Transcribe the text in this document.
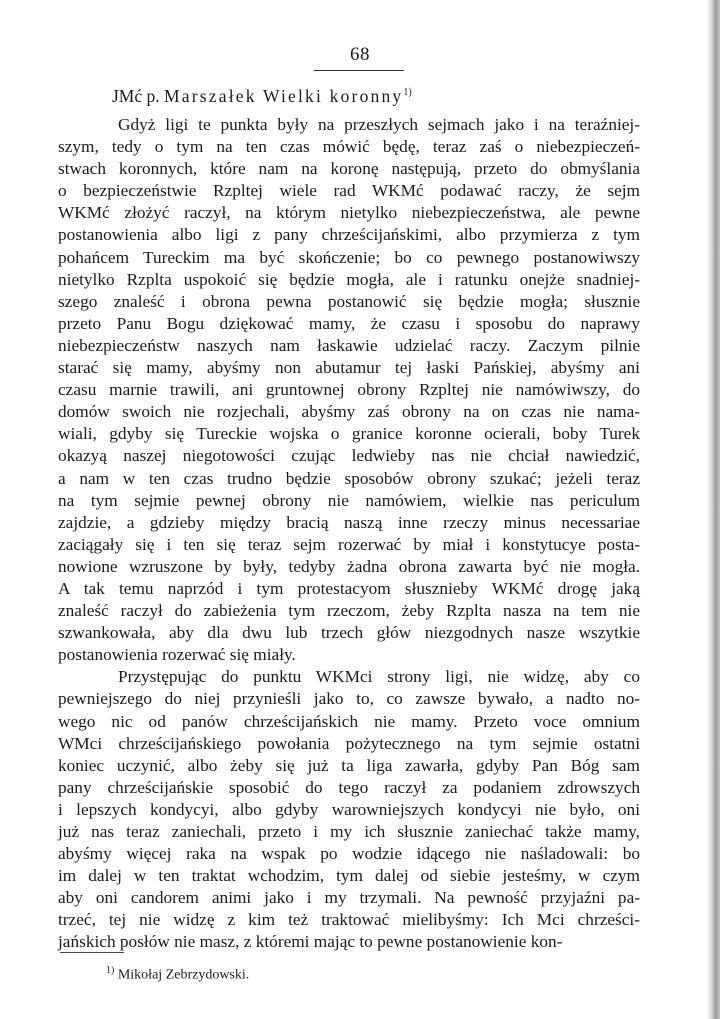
68
JMć p. Marszałek Wielki koronny$^{1)}$
Gdyż ligi te punkta były na przeszłych sejmach jako i na teraźniej-
szym, tedy o tym na ten czas mówić będę, teraz zaś o niebezpieczeń-
stwach koronnych, które nam na koronę następują, przeto do obmyślania
o bezpieczeństwie Rzpltej wiele rad WKMć podawać raczy, że sejm
WKMć złożyć raczył, na którym nietylko niebezpieczeństwa, ale pewne
postanowienia albo ligi z pany chrześcijańskimi, albo przymierza z tym
pohańcem Tureckim ma być skończenie; bo co pewnego postanowiwszy
nietylko Rzplta uspokoić się będzie mogła, ale i ratunku onejże snadniej-
szego znaleść i obrona pewna postanowić się będzie mogła; słusznie
przeto Panu Bogu dziękować mamy, że czasu i sposobu do naprawy
niebezpieczeństw naszych nam łaskawie udzielać raczy. Zaczym pilnie
starać się mamy, abyśmy non abutamur tej łaski Pańskiej, abyśmy ani
czasu marnie trawili, ani gruntownej obrony Rzpltej nie namówiwszy, do
domów swoich nie rozjechali, abyśmy zaś obrony na on czas nie nama-
wiali, gdyby się Tureckie wojska o granice koronne ocierali, boby Turek
okazyą naszej niegotowości czując ledwieby nas nie chciał nawiedzić,
a nam w ten czas trudno będzie sposobów obrony szukać; jeżeli teraz
na tym sejmie pewnej obrony nie namówiem, wielkie nas periculum
zajdzie, a gdzieby między bracią naszą inne rzeczy minus necessariae
zaciągały się i ten się teraz sejm rozerwać by miał i konstytucye posta-
nowione wzruszone by były, tedyby żadna obrona zawarta być nie mogła.
A tak temu naprzód i tym protestacyom słusznieby WKMć drogę jaką
znaleść raczył do zabieżenia tym rzeczom, żeby Rzplta nasza na tem nie
szwankowała, aby dla dwu lub trzech głów niezgodnych nasze wszytkie
postanowienia rozerwać się miały.
Przystępując do punktu WKMci strony ligi, nie widzę, aby co
pewniejszego do niej przynieśli jako to, co zawsze bywało, a nadto no-
wego nic od panów chrześcijańskich nie mamy. Przeto voce omnium
WMci chrześcijańskiego powołania pożytecznego na tym sejmie ostatni
koniec uczynić, albo żeby się już ta liga zawarła, gdyby Pan Bóg sam
pany chrześcijańskie sposobić do tego raczył za podaniem zdrowszych
i lepszych kondycyi, albo gdyby warowniejszych kondycyi nie było, oni
już nas teraz zaniechali, przeto i my ich słusznie zaniechać także mamy,
abyśmy więcej raka na wspak po wodzie idącego nie naśladowali: bo
im dalej w ten traktat wchodzim, tym dalej od siebie jesteśmy, w czym
aby oni candorem animi jako i my trzymali. Na pewność przyjaźni pa-
trzeć, tej nie widzę z kim też traktować mielibyśmy: Ich Mci chrześci-
jańskich posłów nie masz, z któremi mając to pewne postanowienie kon-
$^{1)}$ Mikołaj Zebrzydowski.
